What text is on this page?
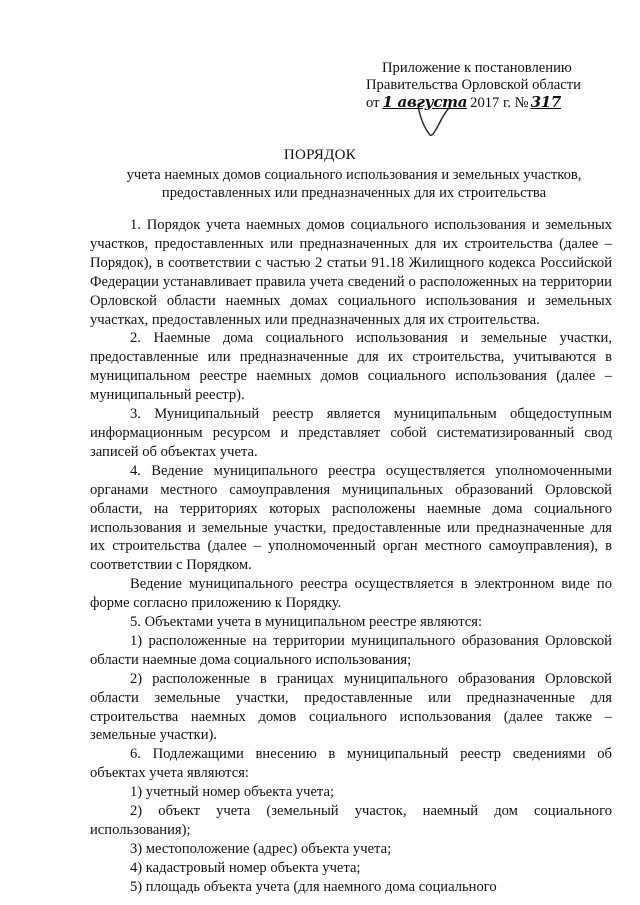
Приложение к постановлению
Правительства Орловской области
от 1 августа 2017 г. № 317
ПОРЯДОК
учета наемных домов социального использования и земельных участков, предоставленных или предназначенных для их строительства

1. Порядок учета наемных домов социального использования и земельных участков, предоставленных или предназначенных для их строительства (далее – Порядок), в соответствии с частью 2 статьи 91.18 Жилищного кодекса Российской Федерации устанавливает правила учета сведений о расположенных на территории Орловской области наемных домах социального использования и земельных участках, предоставленных или предназначенных для их строительства.

2. Наемные дома социального использования и земельные участки, предоставленные или предназначенные для их строительства, учитываются в муниципальном реестре наемных домов социального использования (далее – муниципальный реестр).

3. Муниципальный реестр является муниципальным общедоступным информационным ресурсом и представляет собой систематизированный свод записей об объектах учета.

4. Ведение муниципального реестра осуществляется уполномоченными органами местного самоуправления муниципальных образований Орловской области, на территориях которых расположены наемные дома социального использования и земельные участки, предоставленные или предназначенные для их строительства (далее – уполномоченный орган местного самоуправления), в соответствии с Порядком.

Ведение муниципального реестра осуществляется в электронном виде по форме согласно приложению к Порядку.

5. Объектами учета в муниципальном реестре являются:

1) расположенные на территории муниципального образования Орловской области наемные дома социального использования;

2) расположенные в границах муниципального образования Орловской области земельные участки, предоставленные или предназначенные для строительства наемных домов социального использования (далее также – земельные участки).

6. Подлежащими внесению в муниципальный реестр сведениями об объектах учета являются:

1) учетный номер объекта учета;

2) объект учета (земельный участок, наемный дом социального использования);

3) местоположение (адрес) объекта учета;

4) кадастровый номер объекта учета;

5) площадь объекта учета (для наемного дома социального
